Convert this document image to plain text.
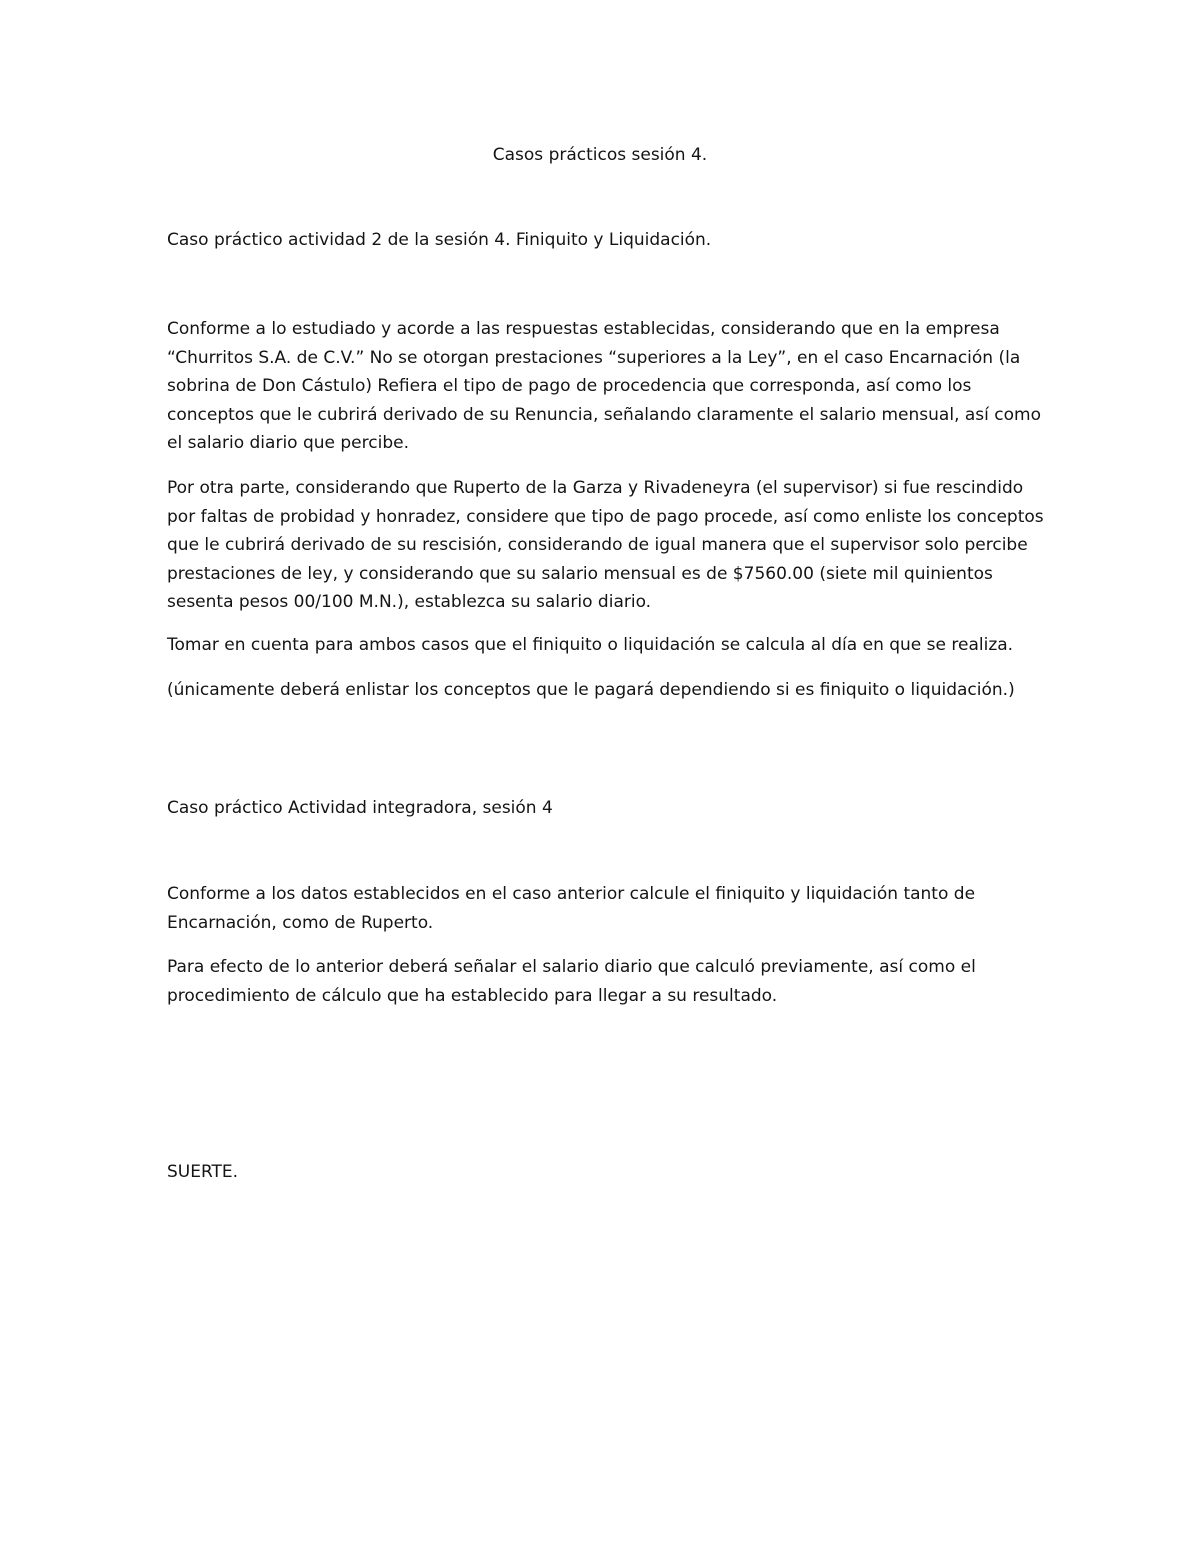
Casos prácticos sesión 4.

Caso práctico actividad 2 de la sesión 4. Finiquito y Liquidación.

Conforme a lo estudiado y acorde a las respuestas establecidas, considerando que en la empresa “Churritos S.A. de C.V.” No se otorgan prestaciones “superiores a la Ley”, en el caso Encarnación (la sobrina de Don Cástulo) Refiera el tipo de pago de procedencia que corresponda, así como los conceptos que le cubrirá derivado de su Renuncia, señalando claramente el salario mensual, así como el salario diario que percibe.

Por otra parte, considerando que Ruperto de la Garza y Rivadeneyra (el supervisor) si fue rescindido por faltas de probidad y honradez, considere que tipo de pago procede, así como enliste los conceptos que le cubrirá derivado de su rescisión, considerando de igual manera que el supervisor solo percibe prestaciones de ley, y considerando que su salario mensual es de $7560.00 (siete mil quinientos sesenta pesos 00/100 M.N.), establezca su salario diario.

Tomar en cuenta para ambos casos que el finiquito o liquidación se calcula al día en que se realiza.

(únicamente deberá enlistar los conceptos que le pagará dependiendo si es finiquito o liquidación.)

Caso práctico Actividad integradora, sesión 4

Conforme a los datos establecidos en el caso anterior calcule el finiquito y liquidación tanto de Encarnación, como de Ruperto.

Para efecto de lo anterior deberá señalar el salario diario que calculó previamente, así como el procedimiento de cálculo que ha establecido para llegar a su resultado.

SUERTE.
